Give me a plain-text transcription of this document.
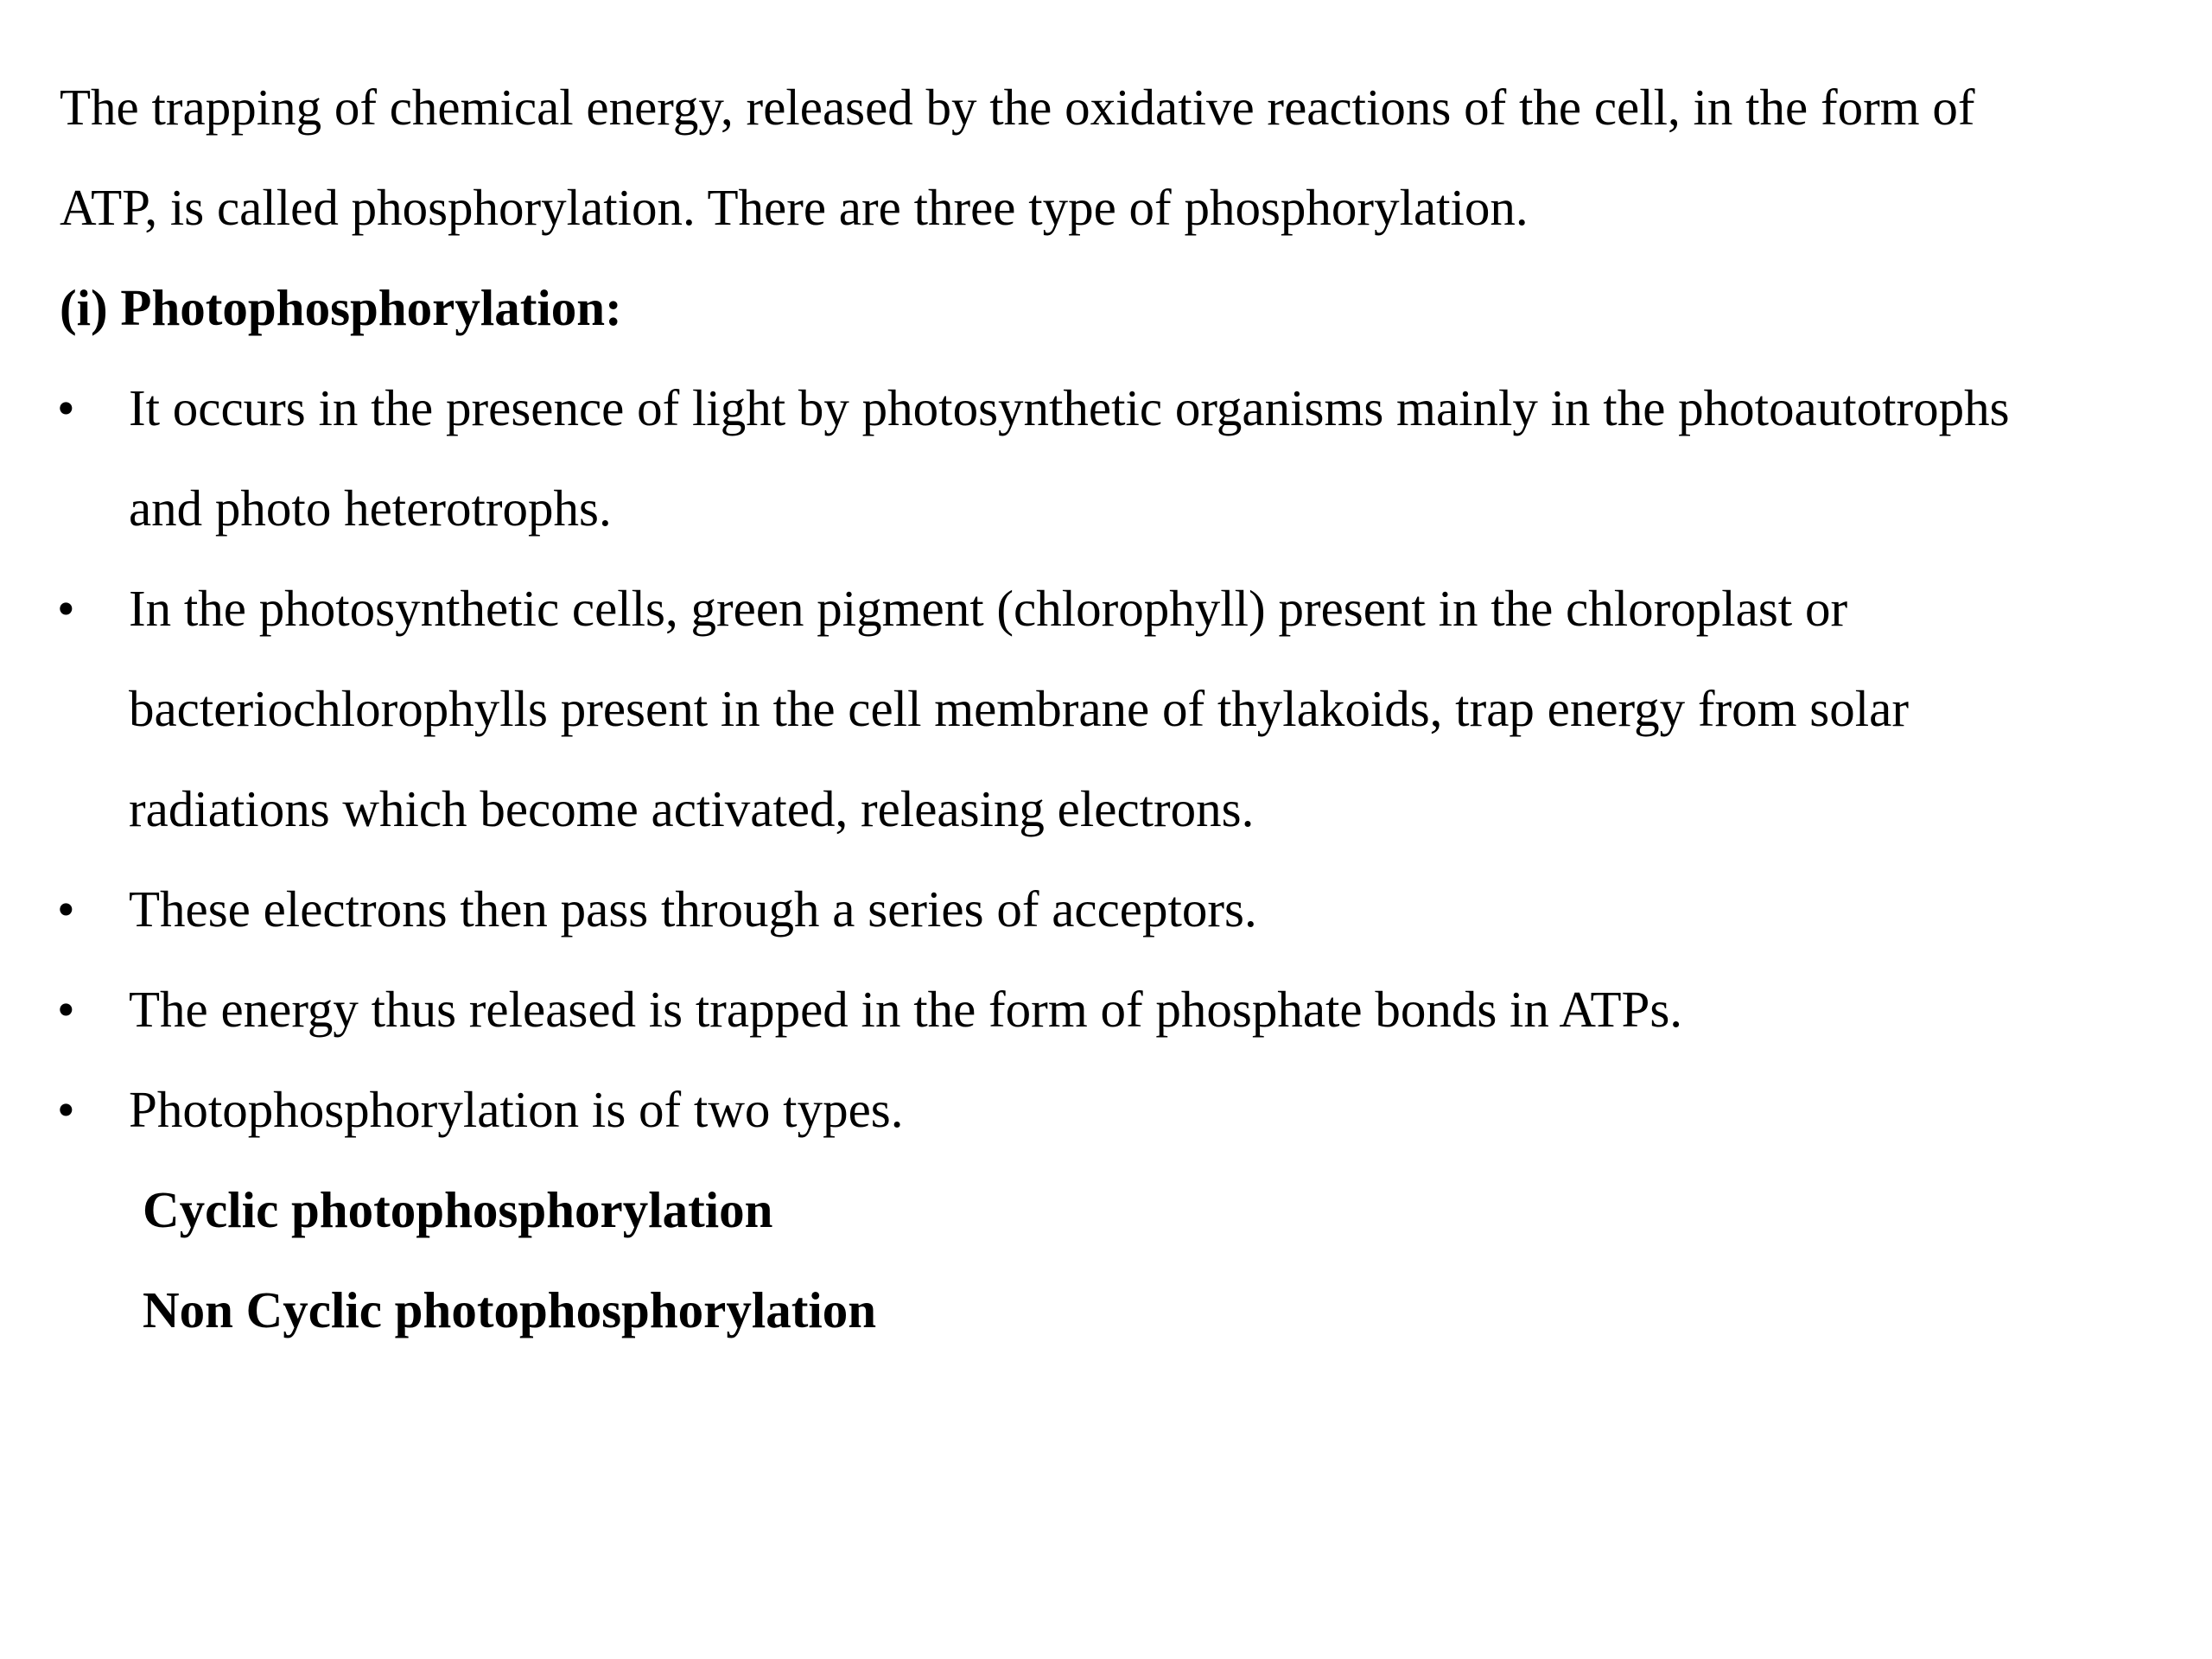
The trapping of chemical energy, released by the oxidative reactions of the cell, in the form of

ATP, is called phosphorylation. There are three type of phosphorylation.

(i) Photophosphorylation:

• It occurs in the presence of light by photosynthetic organisms mainly in the photoautotrophs

and photo heterotrophs.

• In the photosynthetic cells, green pigment (chlorophyll) present in the chloroplast or

bacteriochlorophylls present in the cell membrane of thylakoids, trap energy from solar

radiations which become activated, releasing electrons.

• These electrons then pass through a series of acceptors.

• The energy thus released is trapped in the form of phosphate bonds in ATPs.

• Photophosphorylation is of two types.

Cyclic photophosphorylation

Non Cyclic photophosphorylation
